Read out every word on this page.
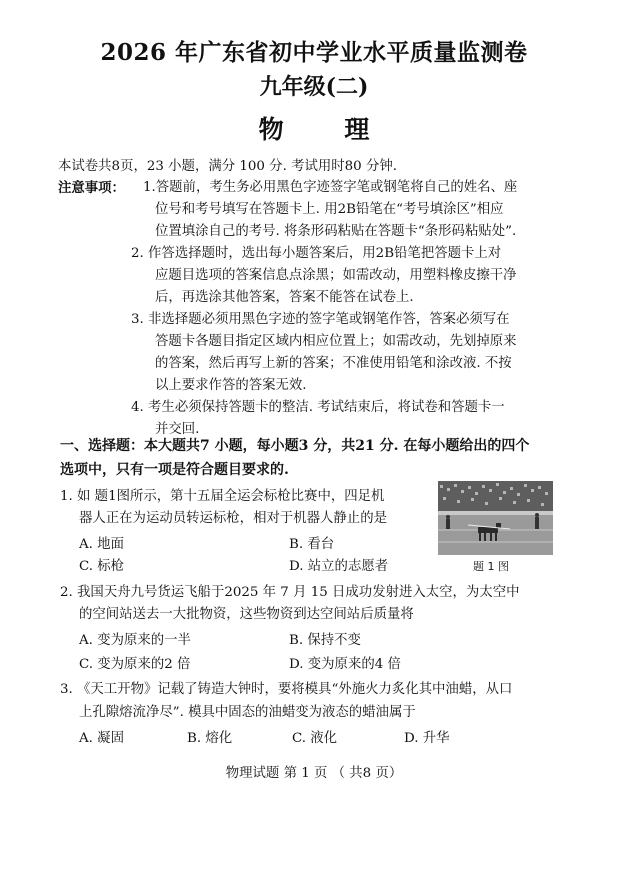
2026 年广东省初中学业水平质量监测卷
九年级(二)
物 理
本试卷共8页，23 小题，满分 100 分. 考试用时80 分钟.
注意事项： 1.答题前，考生务必用黑色字迹签字笔或钢笔将自己的姓名、座
位号和考号填写在答题卡上. 用2B铅笔在“考号填涂区”相应
位置填涂自己的考号. 将条形码粘贴在答题卡“条形码粘贴处”.
2. 作答选择题时，选出每小题答案后，用2B铅笔把答题卡上对
应题目选项的答案信息点涂黑；如需改动，用塑料橡皮擦干净
后，再选涂其他答案，答案不能答在试卷上.
3. 非选择题必须用黑色字迹的签字笔或钢笔作答，答案必须写在
答题卡各题目指定区域内相应位置上；如需改动，先划掉原来
的答案，然后再写上新的答案；不准使用铅笔和涂改液. 不按
以上要求作答的答案无效.
4. 考生必须保持答题卡的整洁. 考试结束后，将试卷和答题卡一
并交回.
一、选择题：本大题共7 小题，每小题3 分，共21 分. 在每小题给出的四个
选项中，只有一项是符合题目要求的.
1. 如 题1图所示，第十五届全运会标枪比赛中，四足机
器人正在为运动员转运标枪，相对于机器人静止的是
A. 地面	B. 看台
C. 标枪	D. 站立的志愿者	题 1 图
2. 我国天舟九号货运飞船于2025 年 7 月 15 日成功发射进入太空，为太空中
的空间站送去一大批物资，这些物资到达空间站后质量将
A. 变为原来的一半	B. 保持不变
C. 变为原来的2 倍	D. 变为原来的4 倍
3. 《天工开物》记载了铸造大钟时，要将模具“外施火力炙化其中油蜡，从口
上孔隙熔流净尽”. 模具中固态的油蜡变为液态的蜡油属于
A. 凝固	B. 熔化	C. 液化	D. 升华
物理试题 第 1 页 （ 共8 页）
